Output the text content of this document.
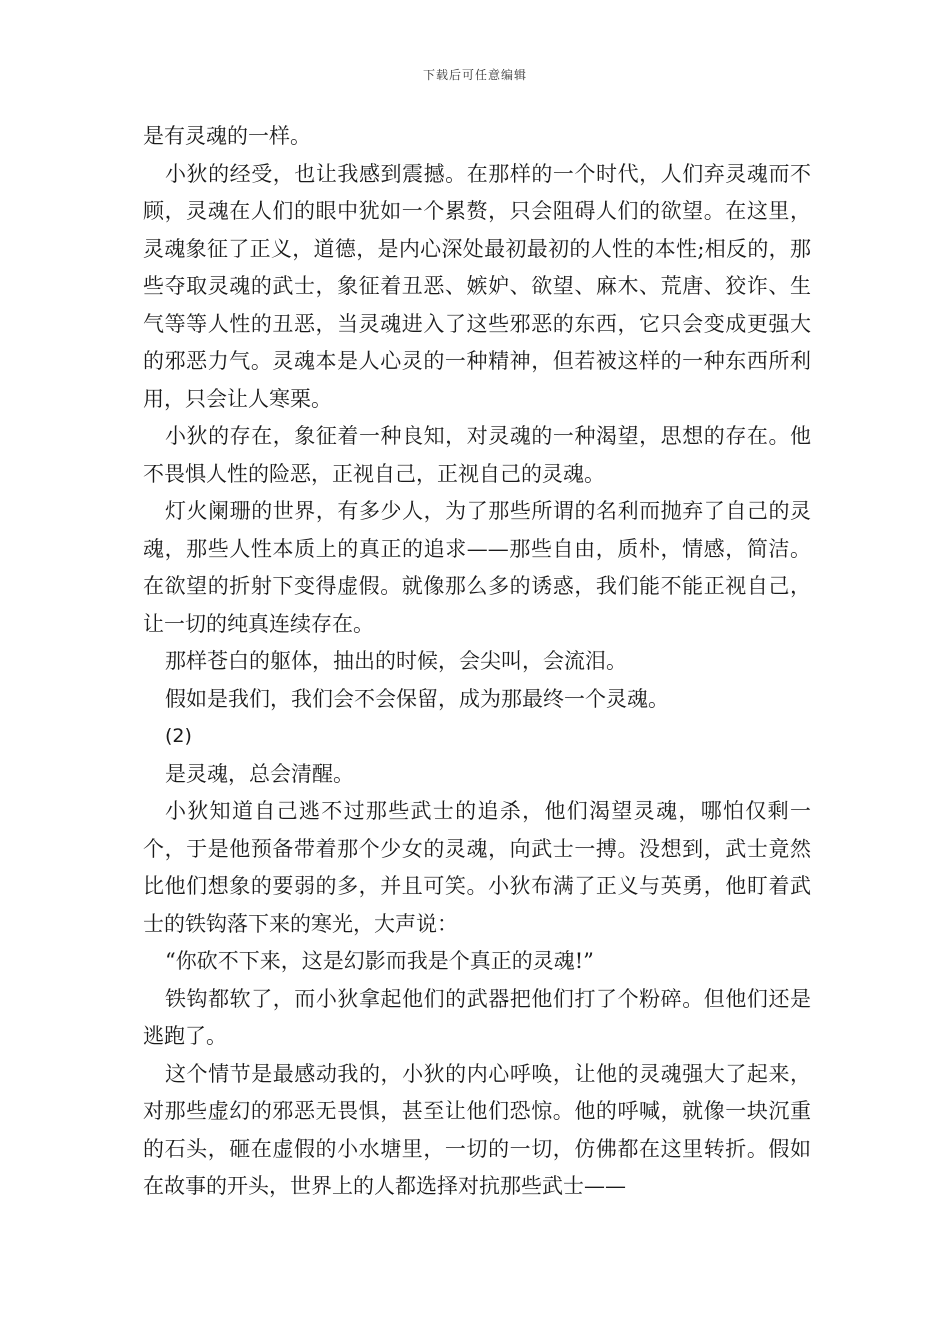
下载后可任意编辑

是有灵魂的一样。

小狄的经受，也让我感到震撼。在那样的一个时代，人们弃灵魂而不顾，灵魂在人们的眼中犹如一个累赘，只会阻碍人们的欲望。在这里，灵魂象征了正义，道德，是内心深处最初最初的人性的本性;相反的，那些夺取灵魂的武士，象征着丑恶、嫉妒、欲望、麻木、荒唐、狡诈、生气等等人性的丑恶，当灵魂进入了这些邪恶的东西，它只会变成更强大的邪恶力气。灵魂本是人心灵的一种精神，但若被这样的一种东西所利用，只会让人寒栗。

小狄的存在，象征着一种良知，对灵魂的一种渴望，思想的存在。他不畏惧人性的险恶，正视自己，正视自己的灵魂。

灯火阑珊的世界，有多少人，为了那些所谓的名利而抛弃了自己的灵魂，那些人性本质上的真正的追求——那些自由，质朴，情感，简洁。在欲望的折射下变得虚假。就像那么多的诱惑，我们能不能正视自己，让一切的纯真连续存在。

那样苍白的躯体，抽出的时候，会尖叫，会流泪。

假如是我们，我们会不会保留，成为那最终一个灵魂。

(2)

是灵魂，总会清醒。

小狄知道自己逃不过那些武士的追杀，他们渴望灵魂，哪怕仅剩一个，于是他预备带着那个少女的灵魂，向武士一搏。没想到，武士竟然比他们想象的要弱的多，并且可笑。小狄布满了正义与英勇，他盯着武士的铁钩落下来的寒光，大声说：

“你砍不下来，这是幻影而我是个真正的灵魂!”

铁钩都软了，而小狄拿起他们的武器把他们打了个粉碎。但他们还是逃跑了。

这个情节是最感动我的，小狄的内心呼唤，让他的灵魂强大了起来，对那些虚幻的邪恶无畏惧，甚至让他们恐惊。他的呼喊，就像一块沉重的石头，砸在虚假的小水塘里，一切的一切，仿佛都在这里转折。假如在故事的开头，世界上的人都选择对抗那些武士——
